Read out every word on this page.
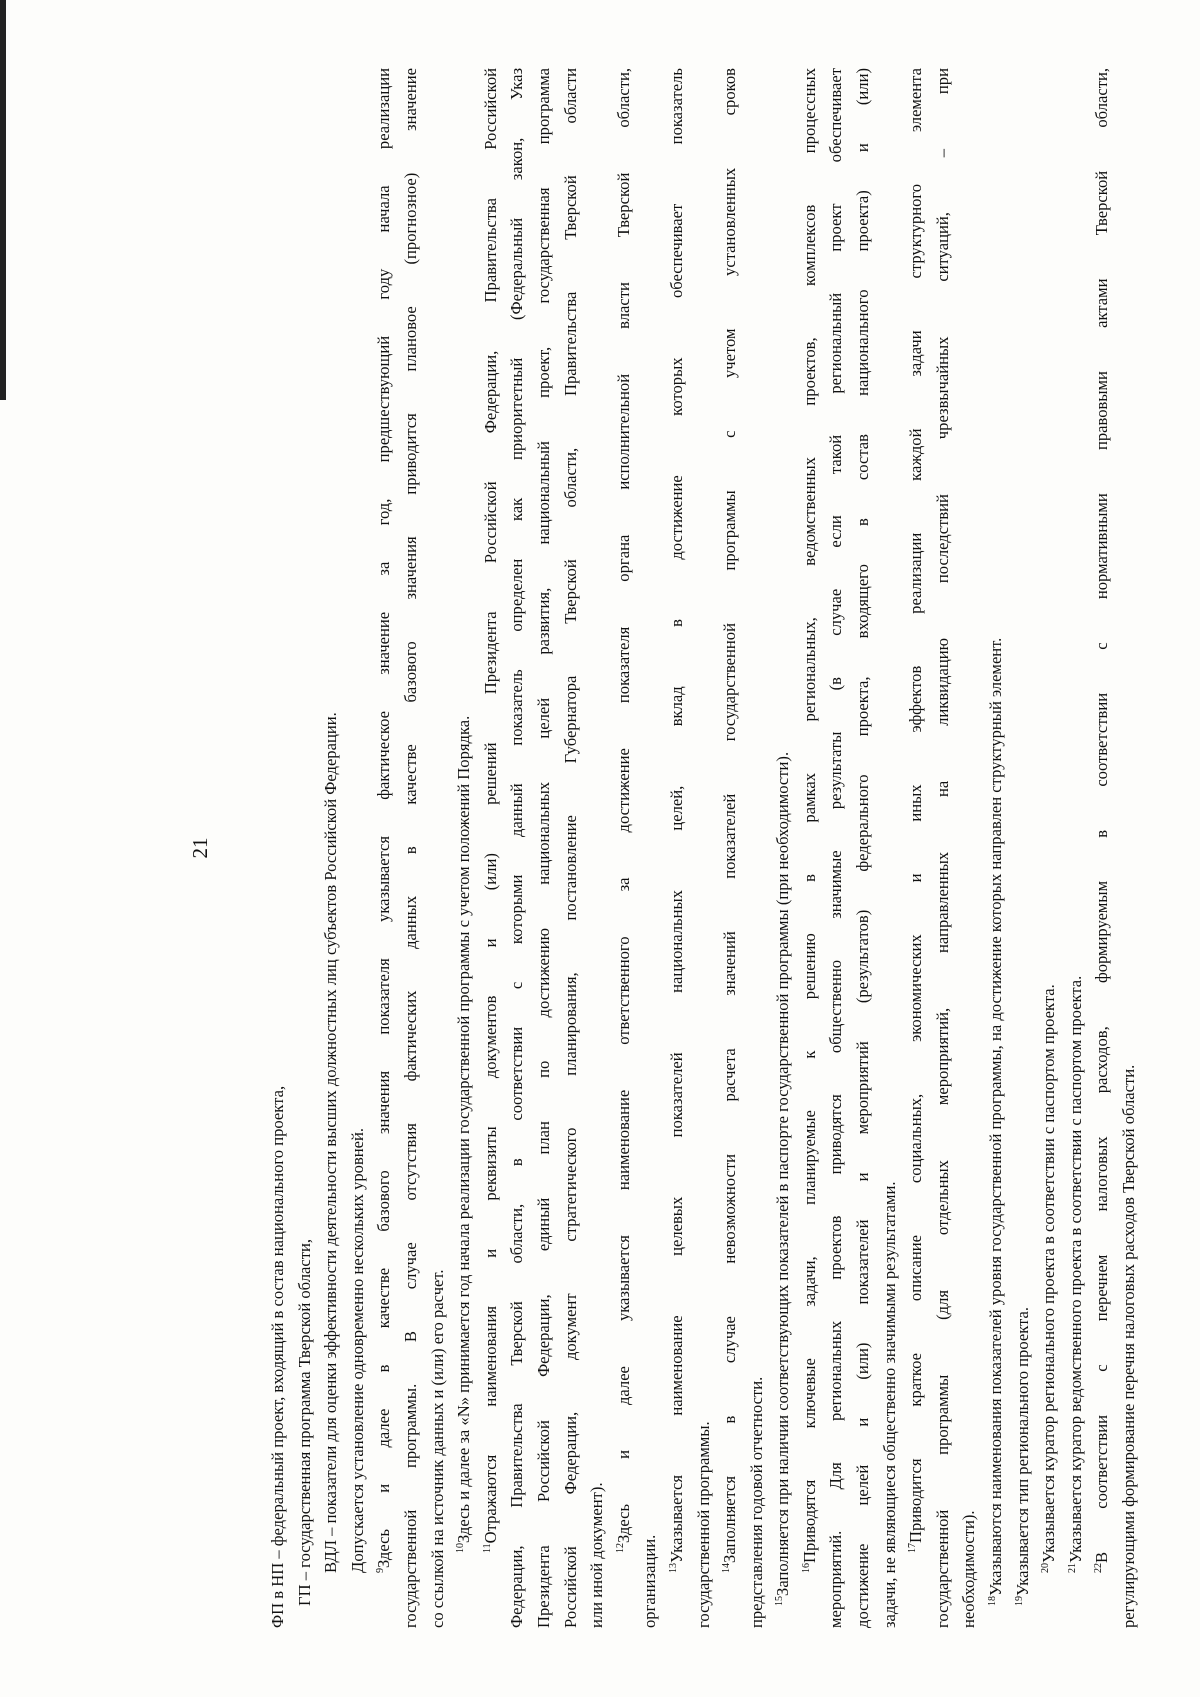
21
ФП в НП – федеральный проект, входящий в состав национального проекта, ГП – государственная программа Тверской области, ВДЛ – показатели для оценки эффективности деятельности высших должностных лиц субъектов Российской Федерации. Допускается установление одновременно нескольких уровней. $^9$Здесь и далее в качестве базового значения показателя указывается фактическое значение за год, предшествующий году начала реализации государственной программы. В случае отсутствия фактических данных в качестве базового значения приводится плановое (прогнозное) значение со ссылкой на источник данных и (или) его расчет. $^{10}$Здесь и далее за «N» принимается год начала реализации государственной программы с учетом положений Порядка.
$^{11}$Отражаются наименования и реквизиты документов и (или) решений Президента Российской Федерации, Правительства Российской Федерации, Правительства Тверской области, в соответствии с которыми данный показатель определен как приоритетный (Федеральный закон, Указ Президента Российской Федерации, единый план по достижению национальных целей развития, национальный проект, государственная программа Российской Федерации, документ стратегического планирования, постановление Губернатора Тверской области, Правительства Тверской области или иной документ). $^{12}$Здесь и далее указывается наименование ответственного за достижение показателя органа исполнительной власти Тверской области,
организации. $^{13}$Указывается наименование целевых показателей национальных целей, вклад в достижение которых обеспечивает показатель государственной программы. $^{14}$Заполняется в случае невозможности расчета значений показателей государственной программы с учетом установленных сроков представления годовой отчетности. $^{15}$Заполняется при наличии соответствующих показателей в паспорте государственной программы (при необходимости). $^{16}$Приводятся ключевые задачи, планируемые к решению в рамках региональных, ведомственных проектов, комплексов процессных мероприятий. Для региональных проектов приводятся общественно значимые результаты (в случае если такой региональный проект обеспечивает достижение целей и (или) показателей и мероприятий (результатов) федерального проекта, входящего в состав национального проекта) и (или) задачи, не являющиеся общественно значимыми результатами. $^{17}$Приводится краткое описание социальных, экономических и иных эффектов реализации каждой задачи структурного элемента государственной программы (для отдельных мероприятий, направленных на ликвидацию последствий чрезвычайных ситуаций, – при необходимости). $^{18}$Указываются наименования показателей уровня государственной программы, на достижение которых направлен структурный элемент.
$^{19}$Указывается тип регионального проекта. $^{20}$Указывается куратор регионального проекта в соответствии с паспортом проекта.
$^{21}$Указывается куратор ведомственного проекта в соответствии с паспортом проекта.
$^{22}$В соответствии с перечнем налоговых расходов, формируемым в соответствии с нормативными правовыми актами Тверской области, регулирующими формирование перечня налоговых расходов Тверской области.
